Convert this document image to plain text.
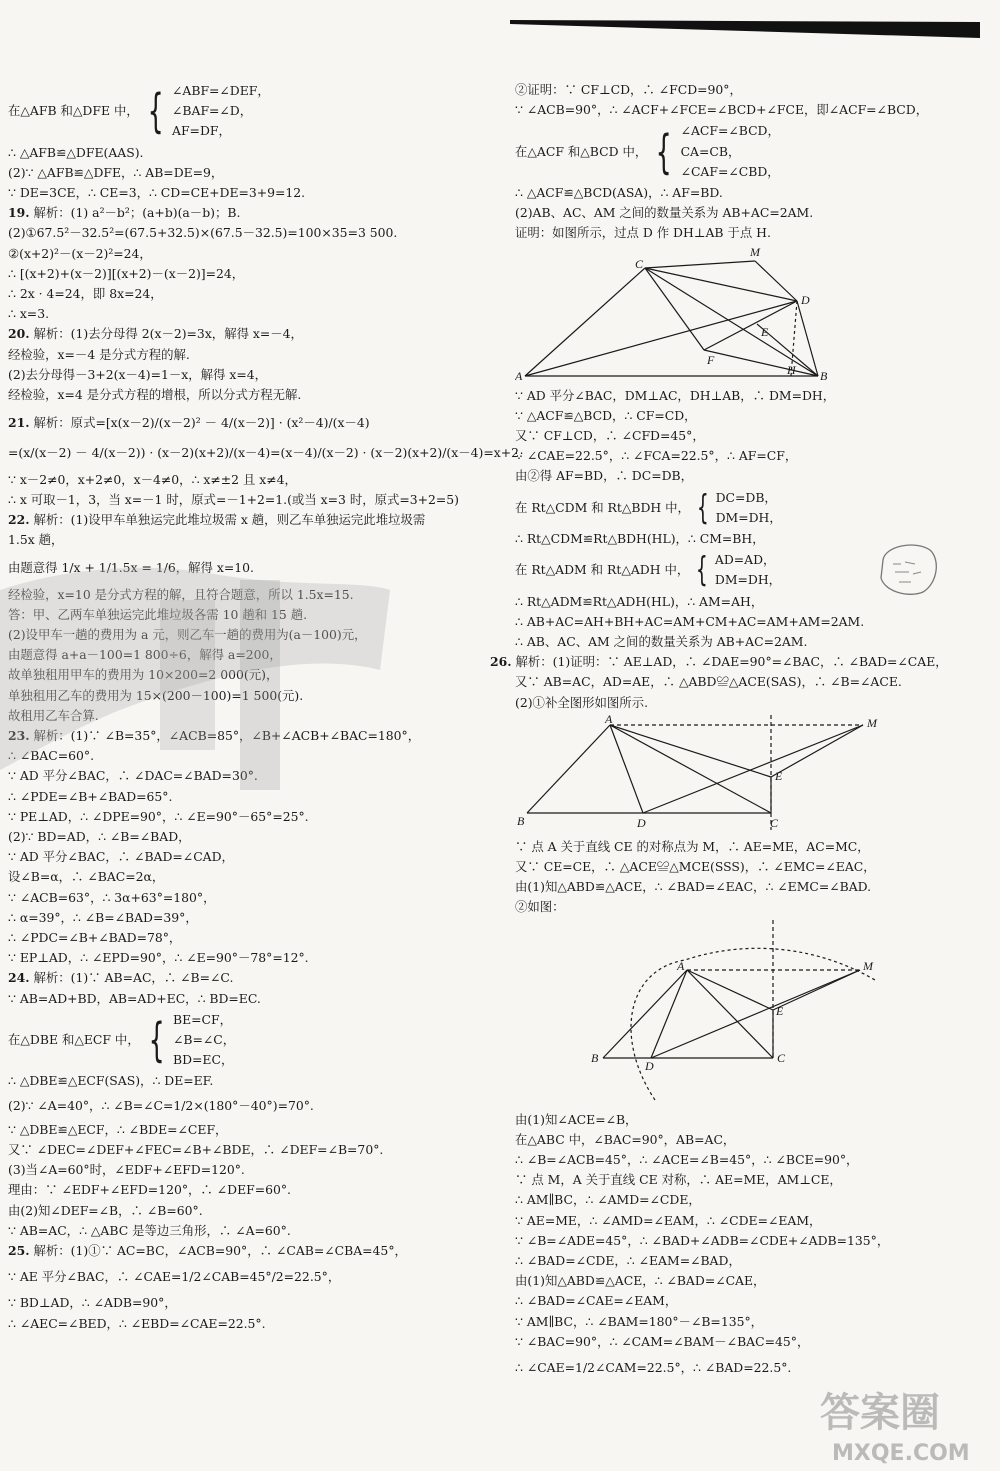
在△AFB 和△DFE 中， { ∠ABF=∠DEF，
∠BAF=∠D，
AF=DF，
∴ △AFB≌△DFE(AAS).
(2)∵ △AFB≌△DFE，∴ AB=DE=9，
∵ DE=3CE，∴ CE=3，∴ CD=CE+DE=3+9=12.
19. 解析：(1) a²－b²；(a+b)(a－b)；B.
(2)①67.5²－32.5²=(67.5+32.5)×(67.5－32.5)=100×35=3 500.
②(x+2)²－(x－2)²=24，
∴ [(x+2)+(x－2)][(x+2)－(x－2)]=24，
∴ 2x · 4=24，即 8x=24，
∴ x=3.
20. 解析：(1)去分母得 2(x－2)=3x，解得 x=－4，
经检验，x=－4 是分式方程的解.
(2)去分母得－3+2(x－4)=1－x，解得 x=4，
经检验，x=4 是分式方程的增根，所以分式方程无解.
21. 解析：原式=[x(x－2)/(x－2)² － 4/(x－2)] · (x²－4)/(x－4)
=(x/(x－2) － 4/(x－2)) · (x－2)(x+2)/(x－4)=(x－4)/(x－2) · (x－2)(x+2)/(x－4)=x+2.
∵ x－2≠0，x+2≠0，x－4≠0，∴ x≠±2 且 x≠4，
∴ x 可取－1，3，当 x=－1 时，原式=－1+2=1.(或当 x=3 时，原式=3+2=5)
22. 解析：(1)设甲车单独运完此堆垃圾需 x 趟，则乙车单独运完此堆垃圾需
1.5x 趟，
由题意得 1/x + 1/1.5x = 1/6，解得 x=10.
经检验，x=10 是分式方程的解，且符合题意，所以 1.5x=15.
答：甲、乙两车单独运完此堆垃圾各需 10 趟和 15 趟.
(2)设甲车一趟的费用为 a 元，则乙车一趟的费用为(a－100)元，
由题意得 a+a－100=1 800÷6，解得 a=200，
故单独租用甲车的费用为 10×200=2 000(元)，
单独租用乙车的费用为 15×(200－100)=1 500(元).
故租用乙车合算.
23. 解析：(1)∵ ∠B=35°，∠ACB=85°，∠B+∠ACB+∠BAC=180°，
∴ ∠BAC=60°.
∵ AD 平分∠BAC，∴ ∠DAC=∠BAD=30°.
∴ ∠PDE=∠B+∠BAD=65°.
∵ PE⊥AD，∴ ∠DPE=90°，∴ ∠E=90°－65°=25°.
(2)∵ BD=AD，∴ ∠B=∠BAD，
∵ AD 平分∠BAC，∴ ∠BAD=∠CAD，
设∠B=α，∴ ∠BAC=2α，
∵ ∠ACB=63°，∴ 3α+63°=180°，
∴ α=39°，∴ ∠B=∠BAD=39°，
∴ ∠PDC=∠B+∠BAD=78°，
∵ EP⊥AD，∴ ∠EPD=90°，∴ ∠E=90°－78°=12°.
24. 解析：(1)∵ AB=AC，∴ ∠B=∠C.
∵ AB=AD+BD，AB=AD+EC，∴ BD=EC.
在△DBE 和△ECF 中， { BE=CF，
∠B=∠C，
BD=EC，
∴ △DBE≌△ECF(SAS)，∴ DE=EF.
(2)∵ ∠A=40°，∴ ∠B=∠C=1/2×(180°－40°)=70°.
∵ △DBE≌△ECF，∴ ∠BDE=∠CEF，
又∵ ∠DEC=∠DEF+∠FEC=∠B+∠BDE，∴ ∠DEF=∠B=70°.
(3)当∠A=60°时，∠EDF+∠EFD=120°.
理由：∵ ∠EDF+∠EFD=120°，∴ ∠DEF=60°.
由(2)知∠DEF=∠B，∴ ∠B=60°.
∵ AB=AC，∴ △ABC 是等边三角形，∴ ∠A=60°.
25. 解析：(1)①∵ AC=BC，∠ACB=90°，∴ ∠CAB=∠CBA=45°，
∵ AE 平分∠BAC，∴ ∠CAE=1/2∠CAB=45°/2=22.5°，
∵ BD⊥AD，∴ ∠ADB=90°，
∴ ∠AEC=∠BED，∴ ∠EBD=∠CAE=22.5°.
②证明：∵ CF⊥CD，∴ ∠FCD=90°，
∵ ∠ACB=90°，∴ ∠ACF+∠FCE=∠BCD+∠FCE，即∠ACF=∠BCD，
在△ACF 和△BCD 中， { ∠ACF=∠BCD，
CA=CB，
∠CAF=∠CBD，
∴ △ACF≌△BCD(ASA)，∴ AF=BD.
(2)AB、AC、AM 之间的数量关系为 AB+AC=2AM.
证明：如图所示，过点 D 作 DH⊥AB 于点 H.
A	B
C
D
E
F
H
M
∵ AD 平分∠BAC，DM⊥AC，DH⊥AB，∴ DM=DH，
∵ △ACF≌△BCD，∴ CF=CD，
又∵ CF⊥CD，∴ ∠CFD=45°，
∵ ∠CAE=22.5°，∴ ∠FCA=22.5°，∴ AF=CF，
由②得 AF=BD，∴ DC=DB，
在 Rt△CDM 和 Rt△BDH 中， { DC=DB，
DM=DH，
∴ Rt△CDM≌Rt△BDH(HL)，∴ CM=BH，
在 Rt△ADM 和 Rt△ADH 中， { AD=AD，
DM=DH，
∴ Rt△ADM≌Rt△ADH(HL)，∴ AM=AH，
∴ AB+AC=AH+BH+AC=AM+CM+AC=AM+AM=2AM.
∴ AB、AC、AM 之间的数量关系为 AB+AC=2AM.
26. 解析：(1)证明：∵ AE⊥AD，∴ ∠DAE=90°=∠BAC，∴ ∠BAD=∠CAE，
又∵ AB=AC，AD=AE，∴ △ABD≌△ACE(SAS)，∴ ∠B=∠ACE.
(2)①补全图形如图所示.
A
B	C
D
E
M
∵ 点 A 关于直线 CE 的对称点为 M，∴ AE=ME，AC=MC，
又∵ CE=CE，∴ △ACE≌△MCE(SSS)，∴ ∠EMC=∠EAC，
由(1)知△ABD≌△ACE，∴ ∠BAD=∠EAC，∴ ∠EMC=∠BAD.
②如图：
A
B	C
D
E
M
由(1)知∠ACE=∠B，
在△ABC 中，∠BAC=90°，AB=AC，
∴ ∠B=∠ACB=45°，∴ ∠ACE=∠B=45°，∴ ∠BCE=90°，
∵ 点 M，A 关于直线 CE 对称，∴ AE=ME，AM⊥CE，
∴ AM∥BC，∴ ∠AMD=∠CDE，
∵ AE=ME，∴ ∠AMD=∠EAM，∴ ∠CDE=∠EAM，
∵ ∠B=∠ADE=45°，∴ ∠BAD+∠ADB=∠CDE+∠ADB=135°，
∴ ∠BAD=∠CDE，∴ ∠EAM=∠BAD，
由(1)知△ABD≌△ACE，∴ ∠BAD=∠CAE，
∴ ∠BAD=∠CAE=∠EAM，
∵ AM∥BC，∴ ∠BAM=180°－∠B=135°，
∵ ∠BAC=90°，∴ ∠CAM=∠BAM－∠BAC=45°，
∴ ∠CAE=1/2∠CAM=22.5°，∴ ∠BAD=22.5°.
答案圈
MXQE.COM
